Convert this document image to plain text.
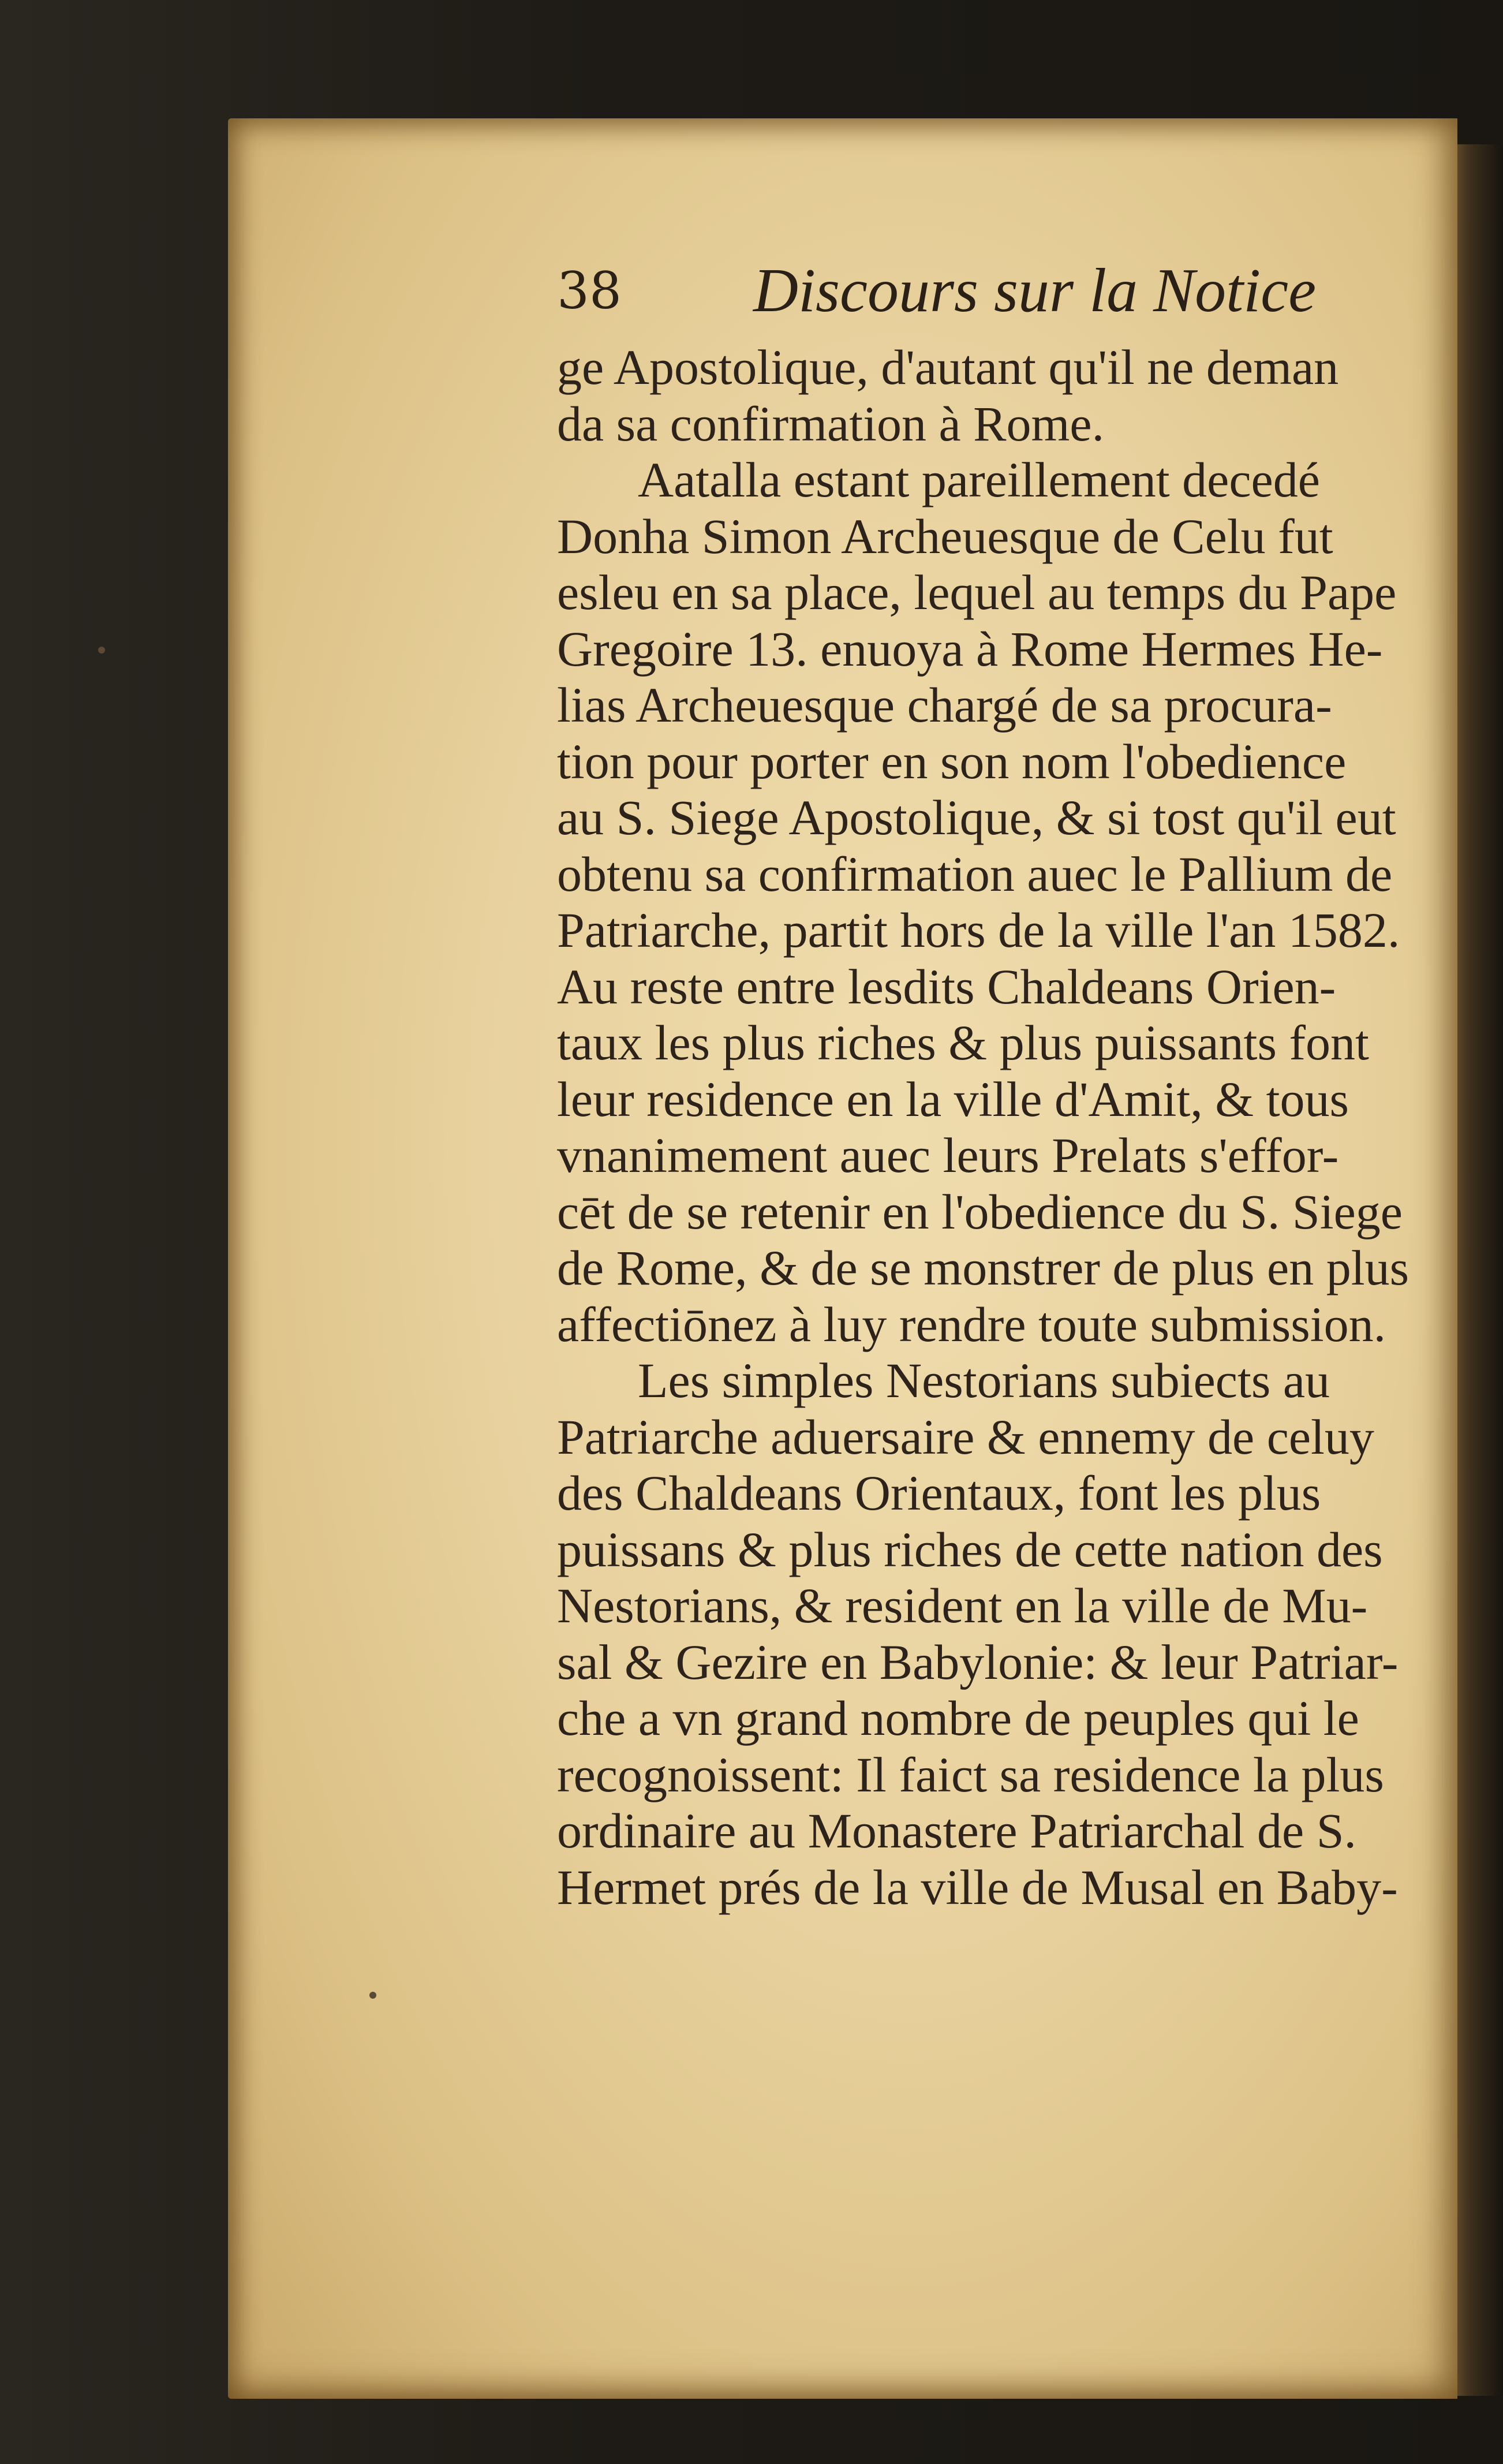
38 Discours sur la Notice
ge Apostolique, d'autant qu'il ne deman
da sa confirmation à Rome.
Aatalla estant pareillement decedé
Donha Simon Archeuesque de Celu fut
esleu en sa place, lequel au temps du Pape
Gregoire 13. enuoya à Rome Hermes He-
lias Archeuesque chargé de sa procura-
tion pour porter en son nom l'obedience
au S. Siege Apostolique, & si tost qu'il eut
obtenu sa confirmation auec le Pallium de
Patriarche, partit hors de la ville l'an 1582.
Au reste entre lesdits Chaldeans Orien-
taux les plus riches & plus puissants font
leur residence en la ville d'Amit, & tous
vnanimement auec leurs Prelats s'effor-
cēt de se retenir en l'obedience du S. Siege
de Rome, & de se monstrer de plus en plus
affectiōnez à luy rendre toute submission.
Les simples Nestorians subiects au
Patriarche aduersaire & ennemy de celuy
des Chaldeans Orientaux, font les plus
puissans & plus riches de cette nation des
Nestorians, & resident en la ville de Mu-
sal & Gezire en Babylonie: & leur Patriar-
che a vn grand nombre de peuples qui le
recognoissent: Il faict sa residence la plus
ordinaire au Monastere Patriarchal de S.
Hermet prés de la ville de Musal en Baby-
